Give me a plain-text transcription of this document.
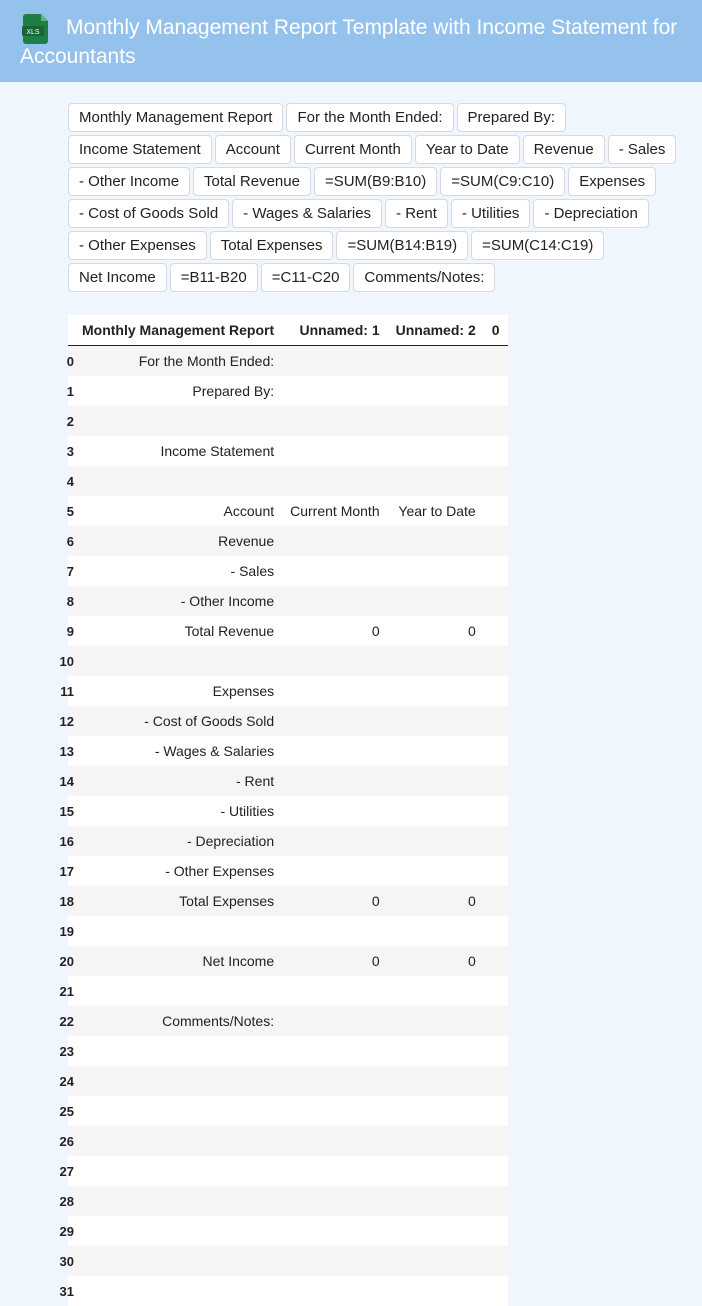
XLS	Monthly Management Report Template with Income Statement for Accountants
Monthly Management Report	For the Month Ended:	Prepared By:
Income Statement	Account	Current Month	Year to Date	Revenue	- Sales
- Other Income	Total Revenue	=SUM(B9:B10)	=SUM(C9:C10)	Expenses
- Cost of Goods Sold	- Wages & Salaries	- Rent	- Utilities	- Depreciation
- Other Expenses	Total Expenses	=SUM(B14:B19)	=SUM(C14:C19)
Net Income	=B11-B20	=C11-C20	Comments/Notes:
	Monthly Management Report	Unnamed: 1	Unnamed: 2	0
0	For the Month Ended:			
1	Prepared By:			
2				
3	Income Statement			
4				
5	Account	Current Month	Year to Date	
6	Revenue			
7	- Sales			
8	- Other Income			
9	Total Revenue	0	0	
10				
11	Expenses			
12	- Cost of Goods Sold			
13	- Wages & Salaries			
14	- Rent			
15	- Utilities			
16	- Depreciation			
17	- Other Expenses			
18	Total Expenses	0	0	
19				
20	Net Income	0	0	
21				
22	Comments/Notes:			
23				
24				
25				
26				
27				
28				
29				
30				
31				
